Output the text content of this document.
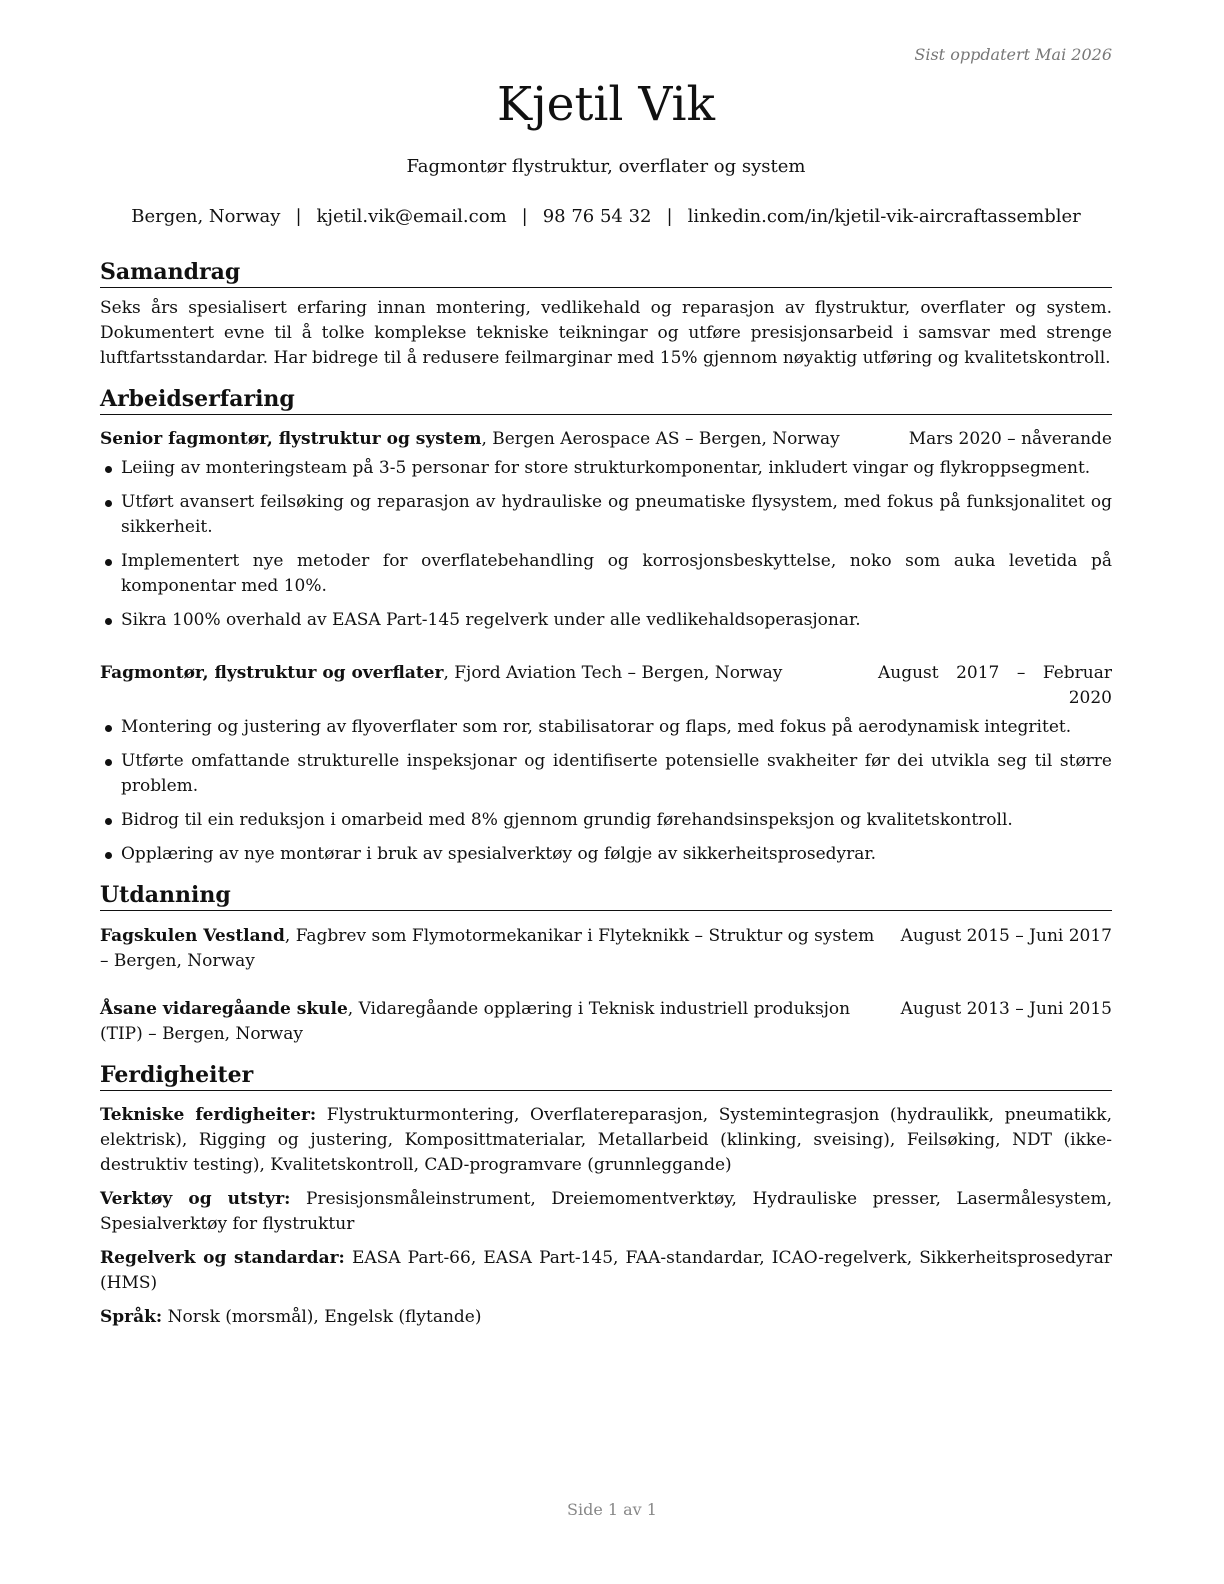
Sist oppdatert Mai 2026
Kjetil Vik
Fagmontør flystruktur, overflater og system
Bergen, Norway | kjetil.vik@email.com | 98 76 54 32 | linkedin.com/in/kjetil-vik-aircraftassembler
Samandrag

Seks års spesialisert erfaring innan montering, vedlikehald og reparasjon av flystruktur, overflater og system. Dokumentert evne til å tolke komplekse tekniske teikningar og utføre presisjonsarbeid i samsvar med strenge luftfartsstandardar. Har bidrege til å redusere feilmarginar med 15% gjennom nøyaktig utføring og kvalitetskontroll.

Arbeidserfaring
Senior fagmontør, flystruktur og system, Bergen Aerospace AS – Bergen, Norway	Mars 2020 – nåverande
Leiing av monteringsteam på 3-5 personar for store strukturkomponentar, inkludert vingar og flykroppsegment.
Utført avansert feilsøking og reparasjon av hydrauliske og pneumatiske flysystem, med fokus på funksjonalitet og sikkerheit.
Implementert nye metoder for overflatebehandling og korrosjonsbeskyttelse, noko som auka levetida på komponentar med 10%.
Sikra 100% overhald av EASA Part-145 regelverk under alle vedlikehaldsoperasjonar.
Fagmontør, flystruktur og overflater, Fjord Aviation Tech – Bergen, Norway	August 2017 – Februar 2020
Montering og justering av flyoverflater som ror, stabilisatorar og flaps, med fokus på aerodynamisk integritet.
Utførte omfattande strukturelle inspeksjonar og identifiserte potensielle svakheiter før dei utvikla seg til større problem.
Bidrog til ein reduksjon i omarbeid med 8% gjennom grundig førehandsinspeksjon og kvalitetskontroll.
Opplæring av nye montørar i bruk av spesialverktøy og følgje av sikkerheitsprosedyrar.
Utdanning
Fagskulen Vestland, Fagbrev som Flymotormekanikar i Flyteknikk – Struktur og system – Bergen, Norway
August 2015 – Juni 2017
Åsane vidaregåande skule, Vidaregåande opplæring i Teknisk industriell produksjon (TIP) – Bergen, Norway
August 2013 – Juni 2015
Ferdigheiter
Tekniske ferdigheiter: Flystrukturmontering, Overflatereparasjon, Systemintegrasjon (hydraulikk, pneumatikk, elektrisk), Rigging og justering, Komposittmaterialar, Metallarbeid (klinking, sveising), Feilsøking, NDT (ikke-destruktiv testing), Kvalitetskontroll, CAD-programvare (grunnleggande)
Verktøy og utstyr: Presisjonsmåleinstrument, Dreiemomentverktøy, Hydrauliske presser, Lasermålesystem, Spesialverktøy for flystruktur
Regelverk og standardar: EASA Part-66, EASA Part-145, FAA-standardar, ICAO-regelverk, Sikkerheitsprosedyrar (HMS)
Språk: Norsk (morsmål), Engelsk (flytande)
Side 1 av 1
